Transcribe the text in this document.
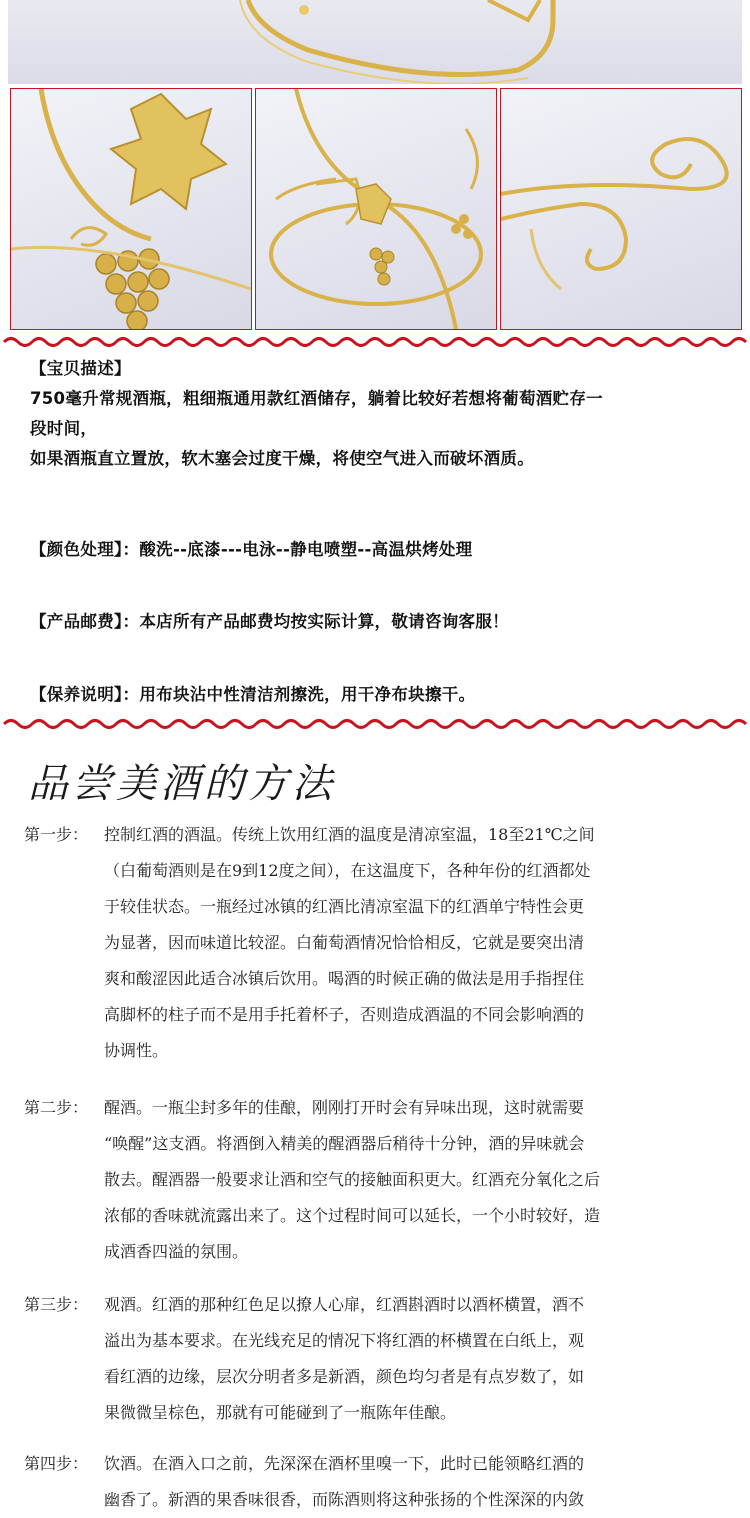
【宝贝描述】

750毫升常规酒瓶，粗细瓶通用款红酒储存，躺着比较好若想将葡萄酒贮存一

段时间，

如果酒瓶直立置放，软木塞会过度干燥，将使空气进入而破坏酒质。

【颜色处理】：酸洗--底漆---电泳--静电喷塑--高温烘烤处理
【产品邮费】：本店所有产品邮费均按实际计算，敬请咨询客服！
【保养说明】：用布块沾中性清洁剂擦洗，用干净布块擦干。
品尝美酒的方法
第一步： 控制红酒的酒温。传统上饮用红酒的温度是清凉室温，18至21℃之间
（白葡萄酒则是在9到12度之间），在这温度下，各种年份的红酒都处
于较佳状态。一瓶经过冰镇的红酒比清凉室温下的红酒单宁特性会更
为显著，因而味道比较涩。白葡萄酒情况恰恰相反，它就是要突出清
爽和酸涩因此适合冰镇后饮用。喝酒的时候正确的做法是用手指捏住
高脚杯的柱子而不是用手托着杯子，否则造成酒温的不同会影响酒的
协调性。
第二步： 醒酒。一瓶尘封多年的佳酿，刚刚打开时会有异味出现，这时就需要
“唤醒”这支酒。将酒倒入精美的醒酒器后稍待十分钟，酒的异味就会
散去。醒酒器一般要求让酒和空气的接触面积更大。红酒充分氧化之后
浓郁的香味就流露出来了。这个过程时间可以延长，一个小时较好，造
成酒香四溢的氛围。
第三步： 观酒。红酒的那种红色足以撩人心扉，红酒斟酒时以酒杯横置，酒不
溢出为基本要求。在光线充足的情况下将红酒的杯横置在白纸上，观
看红酒的边缘，层次分明者多是新酒，颜色均匀者是有点岁数了，如
果微微呈棕色，那就有可能碰到了一瓶陈年佳酿。
第四步： 饮酒。在酒入口之前，先深深在酒杯里嗅一下，此时已能领略红酒的
幽香了。新酒的果香味很香，而陈酒则将这种张扬的个性深深的内敛
